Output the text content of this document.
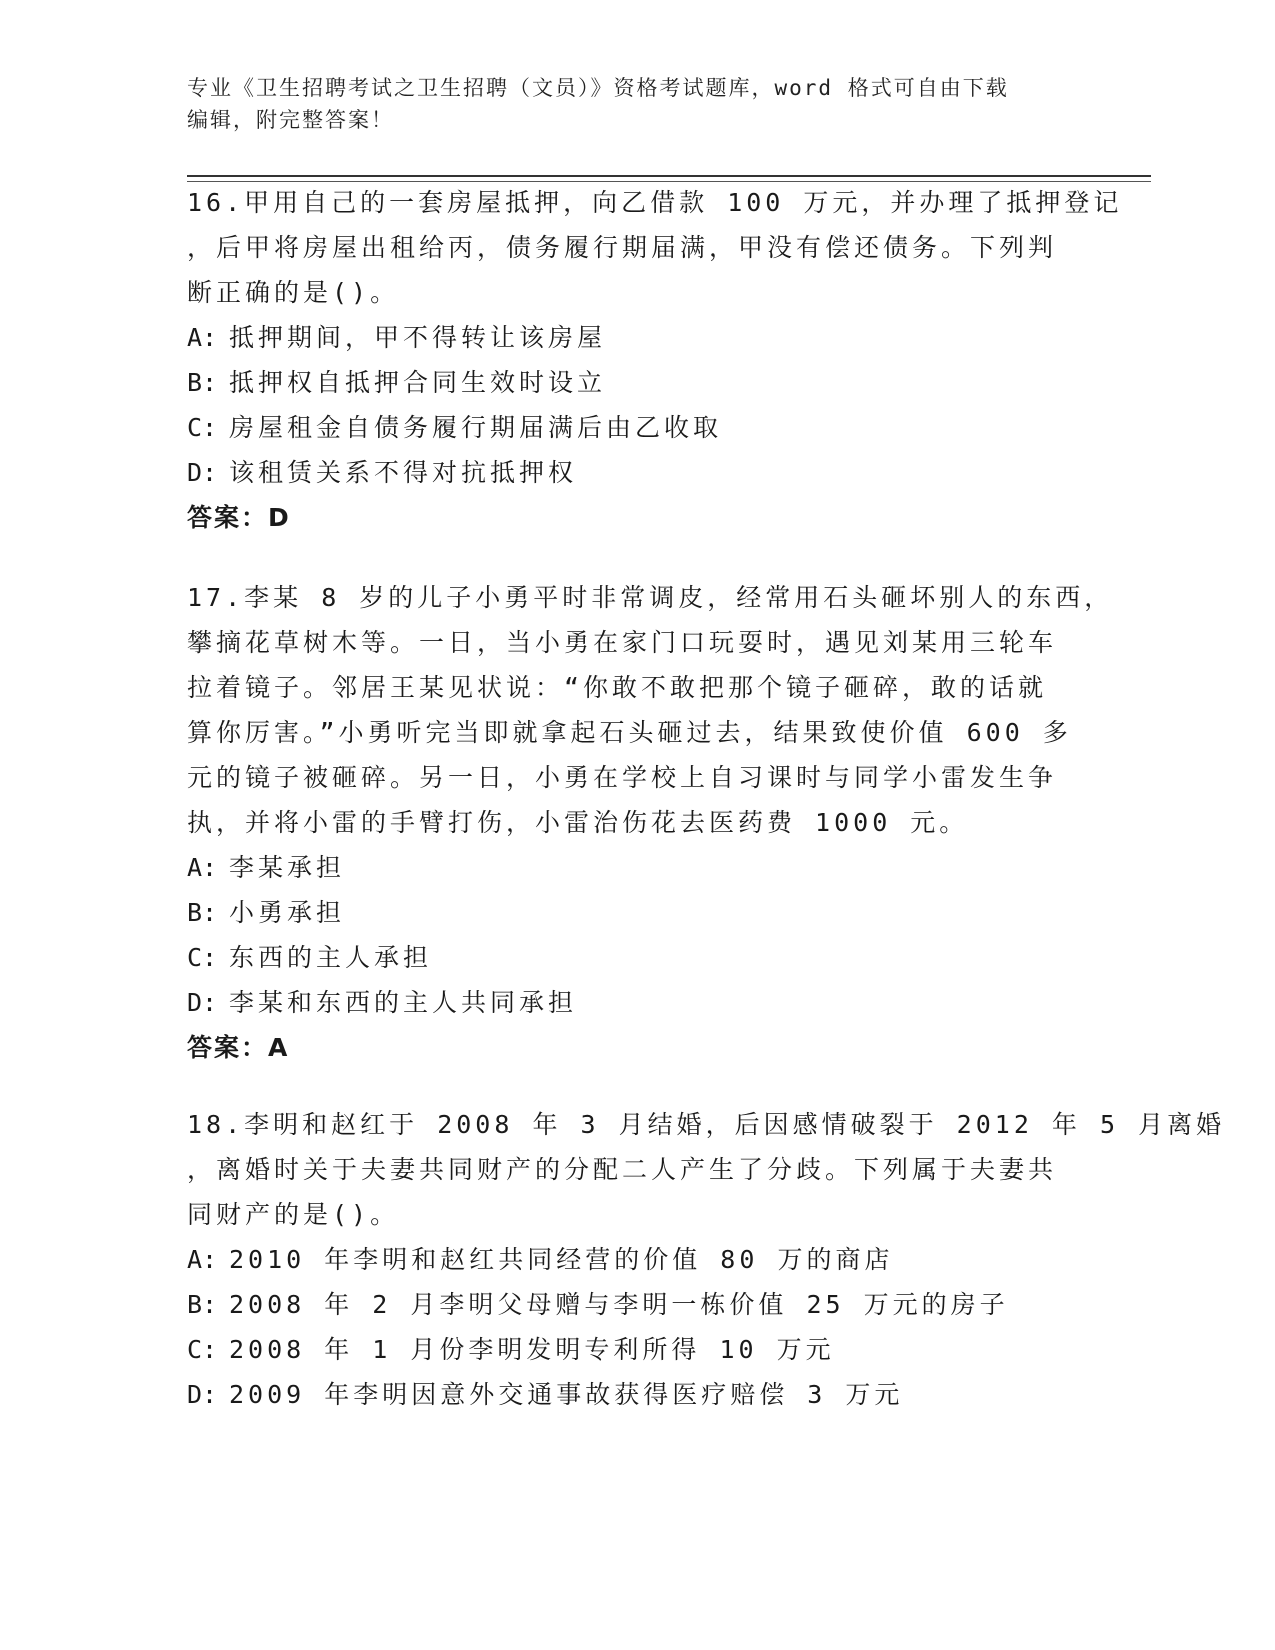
专业《卫生招聘考试之卫生招聘（文员）》资格考试题库，word 格式可自由下载

编辑，附完整答案！

16.甲用自己的一套房屋抵押，向乙借款 100 万元，并办理了抵押登记

，后甲将房屋出租给丙，债务履行期届满，甲没有偿还债务。下列判

断正确的是()。

A: 抵押期间，甲不得转让该房屋

B: 抵押权自抵押合同生效时设立

C: 房屋租金自债务履行期届满后由乙收取

D: 该租赁关系不得对抗抵押权

答案：D

17.李某 8 岁的儿子小勇平时非常调皮，经常用石头砸坏别人的东西，

攀摘花草树木等。一日，当小勇在家门口玩耍时，遇见刘某用三轮车

拉着镜子。邻居王某见状说：“你敢不敢把那个镜子砸碎，敢的话就

算你厉害。”小勇听完当即就拿起石头砸过去，结果致使价值 600 多

元的镜子被砸碎。另一日，小勇在学校上自习课时与同学小雷发生争

执，并将小雷的手臂打伤，小雷治伤花去医药费 1000 元。

A: 李某承担

B: 小勇承担

C: 东西的主人承担

D: 李某和东西的主人共同承担

答案：A

18.李明和赵红于 2008 年 3 月结婚，后因感情破裂于 2012 年 5 月离婚

，离婚时关于夫妻共同财产的分配二人产生了分歧。下列属于夫妻共

同财产的是()。

A: 2010 年李明和赵红共同经营的价值 80 万的商店

B: 2008 年 2 月李明父母赠与李明一栋价值 25 万元的房子

C: 2008 年 1 月份李明发明专利所得 10 万元

D: 2009 年李明因意外交通事故获得医疗赔偿 3 万元
